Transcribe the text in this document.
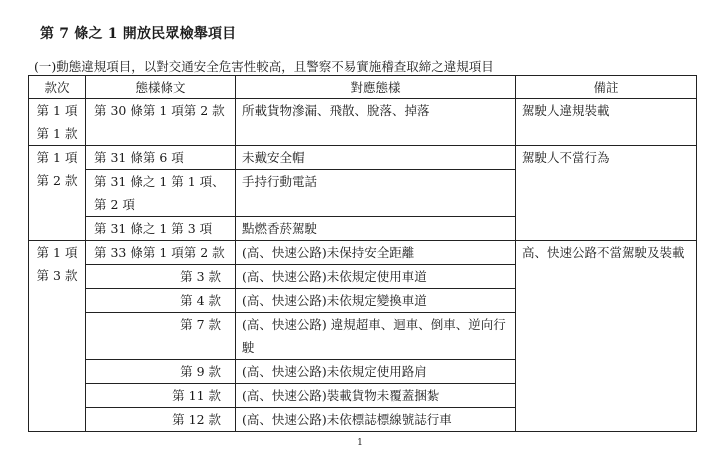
第 7 條之 1 開放民眾檢舉項目
(一)動態違規項目，以對交通安全危害性較高，且警察不易實施稽查取締之違規項目
款次	態樣條文	對應態樣	備註

第 1 項
第 1 款	第 30 條第 1 項第 2 款	所載貨物滲漏、飛散、脫落、掉落	駕駛人違規裝載

第 1 項
第 2 款	第 31 條第 6 項	未戴安全帽	駕駛人不當行為
	第 31 條之 1 第 1 項、第 2 項	手持行動電話	
	第 31 條之 1 第 3 項	點燃香菸駕駛	

第 1 項
第 3 款	第 33 條第 1 項第 2 款	(高、快速公路)未保持安全距離	高、快速公路不當駕駛及裝載
	第 3 款	(高、快速公路)未依規定使用車道	
	第 4 款	(高、快速公路)未依規定變換車道	
	第 7 款	(高、快速公路) 違規超車、迴車、倒車、逆向行駛	
	第 9 款	(高、快速公路)未依規定使用路肩	
	第 11 款	(高、快速公路)裝載貨物未覆蓋捆紮	
	第 12 款	(高、快速公路)未依標誌標線號誌行車	
1
